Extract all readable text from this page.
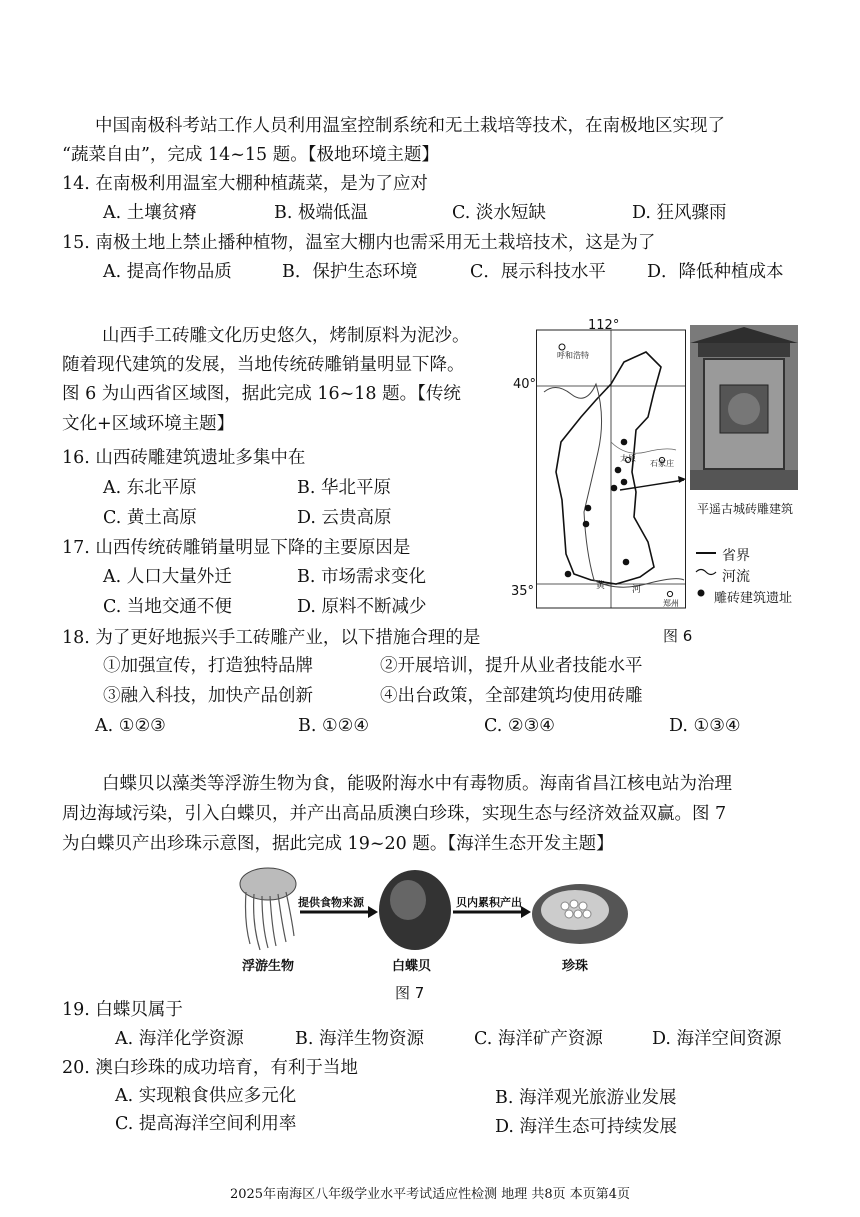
中国南极科考站工作人员利用温室控制系统和无土栽培等技术，在南极地区实现了
“蔬菜自由”，完成 14~15 题。【极地环境主题】
14. 在南极利用温室大棚种植蔬菜，是为了应对
A. 土壤贫瘠	B. 极端低温	C. 淡水短缺	D. 狂风骤雨
15. 南极土地上禁止播种植物，温室大棚内也需采用无土栽培技术，这是为了
A. 提高作物品质	B．保护生态环境	C．展示科技水平 D．降低种植成本
山西手工砖雕文化历史悠久，烤制原料为泥沙。
随着现代建筑的发展，当地传统砖雕销量明显下降。
图 6 为山西省区域图，据此完成 16~18 题。【传统
文化+区域环境主题】
16. 山西砖雕建筑遗址多集中在
A. 东北平原	B. 华北平原
C. 黄土高原	D. 云贵高原
17. 山西传统砖雕销量明显下降的主要原因是
A. 人口大量外迁	B. 市场需求变化
C. 当地交通不便	D. 原料不断减少
112°
40°
35°
呼和浩特
太原
石家庄
郑州
黄	河
平遥古城砖雕建筑
省界
河流
雕砖建筑遗址
图 6
18. 为了更好地振兴手工砖雕产业，以下措施合理的是
①加强宣传，打造独特品牌	②开展培训，提升从业者技能水平
③融入科技，加快产品创新	④出台政策，全部建筑均使用砖雕
A. ①②③	B. ①②④	C. ②③④	D. ①③④
白蝶贝以藻类等浮游生物为食，能吸附海水中有毒物质。海南省昌江核电站为治理
周边海域污染，引入白蝶贝，并产出高品质澳白珍珠，实现生态与经济效益双赢。图 7
为白蝶贝产出珍珠示意图，据此完成 19~20 题。【海洋生态开发主题】
提供食物来源	贝内累积产出
浮游生物	白蝶贝	珍珠
图 7
19. 白蝶贝属于
A. 海洋化学资源	B. 海洋生物资源	C. 海洋矿产资源	D. 海洋空间资源
20. 澳白珍珠的成功培育，有利于当地
A. 实现粮食供应多元化	B. 海洋观光旅游业发展
C. 提高海洋空间利用率	D. 海洋生态可持续发展
2025年南海区八年级学业水平考试适应性检测 地理 共8页 本页第4页
